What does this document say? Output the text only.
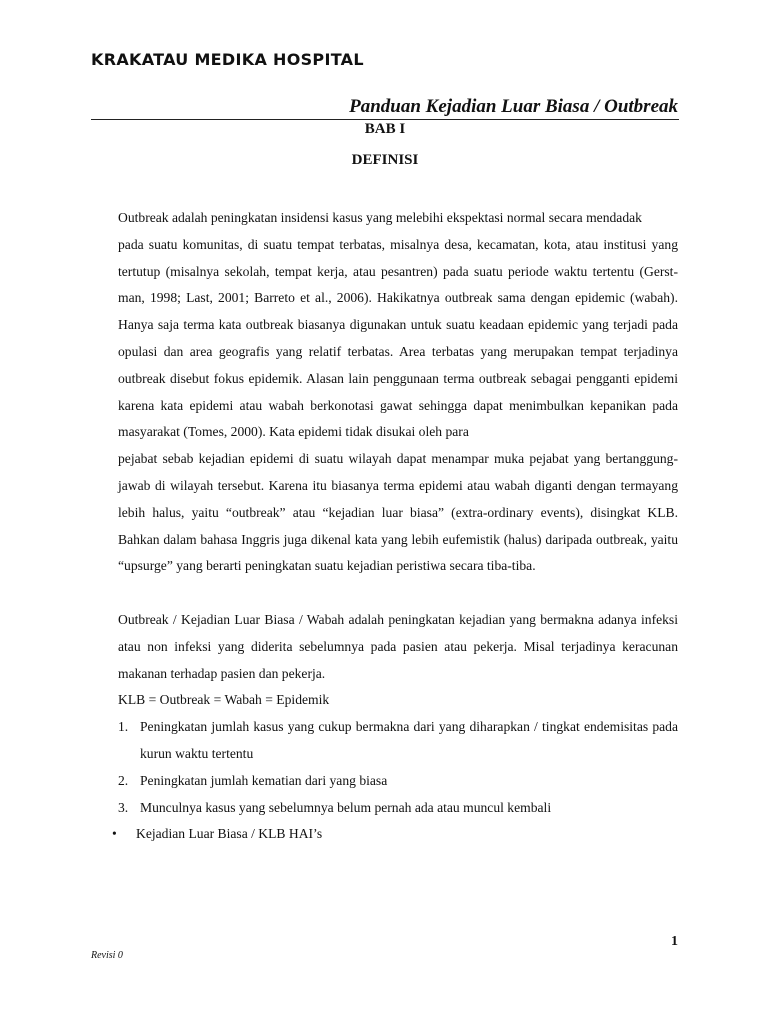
KRAKATAU MEDIKA HOSPITAL
Panduan Kejadian Luar Biasa / Outbreak
BAB I
DEFINISI

Outbreak adalah peningkatan insidensi kasus yang melebihi ekspektasi normal secara mendadak

pada suatu komunitas, di suatu tempat terbatas, misalnya desa, kecamatan, kota, atau institusi yang tertutup (misalnya sekolah, tempat kerja, atau pesantren) pada suatu periode waktu tertentu (Gerst-man, 1998; Last, 2001; Barreto et al., 2006). Hakikatnya outbreak sama dengan epidemic (wabah). Hanya saja terma kata outbreak biasanya digunakan untuk suatu keadaan epidemic yang terjadi pada opulasi dan area geografis yang relatif terbatas. Area terbatas yang merupakan tempat terjadinya outbreak disebut fokus epidemik. Alasan lain penggunaan terma outbreak sebagai pengganti epidemi karena kata epidemi atau wabah berkonotasi gawat sehingga dapat menimbulkan kepanikan pada masyarakat (Tomes, 2000). Kata epidemi tidak disukai oleh para

pejabat sebab kejadian epidemi di suatu wilayah dapat menampar muka pejabat yang bertanggung-jawab di wilayah tersebut. Karena itu biasanya terma epidemi atau wabah diganti dengan termayang lebih halus, yaitu “outbreak” atau “kejadian luar biasa” (extra-ordinary events), disingkat KLB. Bahkan dalam bahasa Inggris juga dikenal kata yang lebih eufemistik (halus) daripada outbreak, yaitu “upsurge” yang berarti peningkatan suatu kejadian peristiwa secara tiba-tiba.

Outbreak / Kejadian Luar Biasa / Wabah adalah peningkatan kejadian yang bermakna adanya infeksi atau non infeksi yang diderita sebelumnya pada pasien atau pekerja. Misal terjadinya keracunan makanan terhadap pasien dan pekerja.

KLB = Outbreak = Wabah = Epidemik

1. Peningkatan jumlah kasus yang cukup bermakna dari yang diharapkan / tingkat endemisitas pada kurun waktu tertentu
2. Peningkatan jumlah kematian dari yang biasa
3. Munculnya kasus yang sebelumnya belum pernah ada atau muncul kembali
• Kejadian Luar Biasa / KLB HAI’s

1

Revisi 0
